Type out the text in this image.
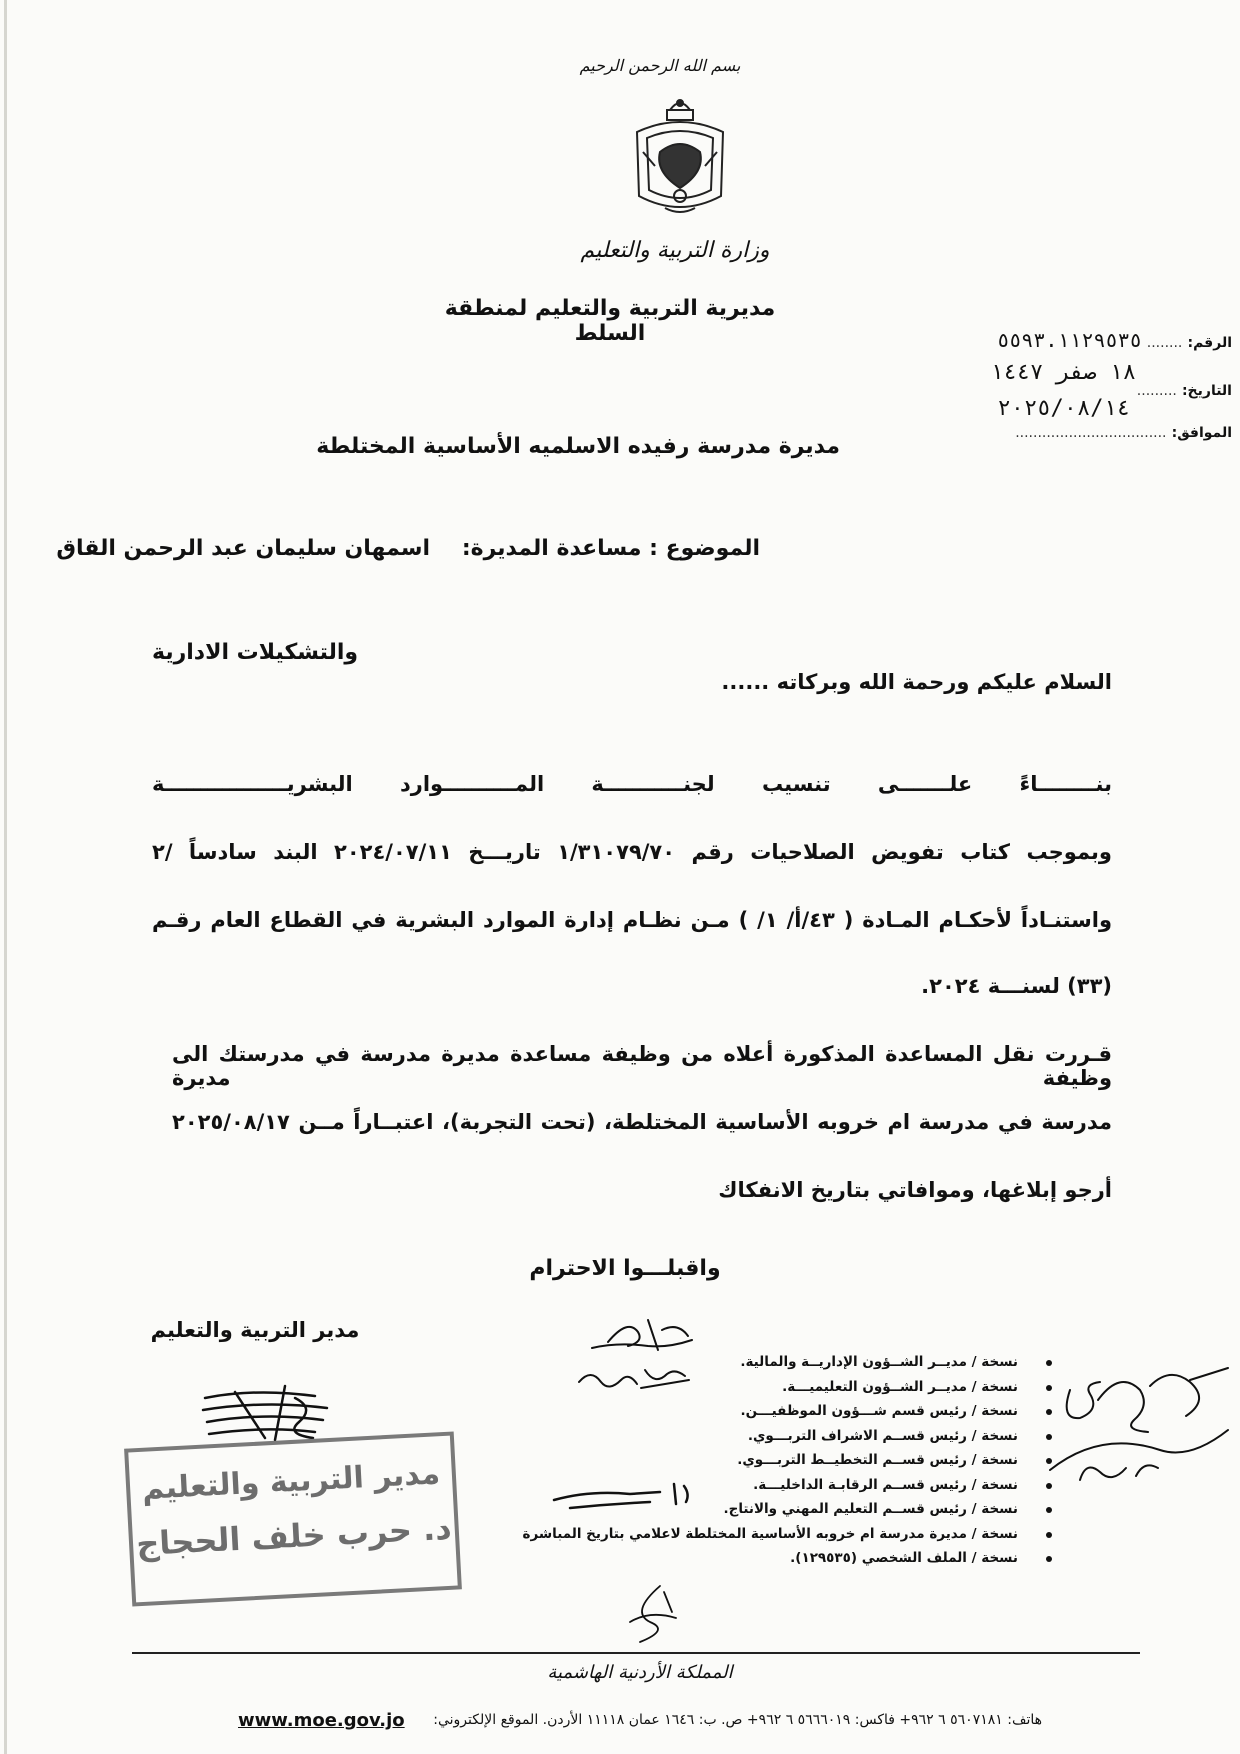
بسم الله الرحمن الرحيم
وزارة التربية والتعليم
مديرية التربية والتعليم لمنطقة السلط	الرقم: ........ ٥٥٩٣.١١٢٩٥٣٥
١٨ صفر ١٤٤٧
التاريخ: .........
٢٠٢٥/٠٨/١٤
الموافق: ..................................
مديرة مدرسة رفيده الاسلميه الأساسية المختلطة
الموضوع : مساعدة المديرة:
اسمهان سليمان عبد الرحمن القاق
والتشكيلات الادارية
السلام عليكم ورحمة الله وبركاته ......
بنــــــــاءً علـــــــى تنسيب لجنـــــــــــة المــــــــــوارد البشريـــــــــــــــــة
وبموجب كتاب تفويض الصلاحيات رقم ١/٣١٠٧٩/٧٠ تاريـــخ ٢٠٢٤/٠٧/١١ البند سادساً /٢
واستنـاداً لأحكـام المـادة ( ٤٣/أ/ ١/ ) مـن نظـام إدارة الموارد البشرية في القطاع العام رقـم
(٣٣) لسنـــة ٢٠٢٤.
قـررت نقل المساعدة المذكورة أعلاه من وظيفة مساعدة مديرة مدرسة في مدرستك الى وظيفة مديرة
مدرسة في مدرسة ام خروبه الأساسية المختلطة، (تحت التجربة)، اعتبــاراً مــن ٢٠٢٥/٠٨/١٧
أرجو إبلاغها، وموافاتي بتاريخ الانفكاك
واقبلـــوا الاحترام
مدير التربية والتعليم
مدير التربية والتعليم
د. حرب خلف الحجاج
نسخة / مديــر الشــؤون الإداريــة والمالية.
نسخة / مديــر الشــؤون التعليميـــة.
نسخة / رئيس قسم شـــؤون الموظفيـــن.
نسخة / رئيس قســم الاشراف التربـــوي.
نسخة / رئيس قســم التخطيــط التربـــوي.
نسخة / رئيس قســم الرقابـة الداخليـــة.
نسخة / رئيس قســم التعليم المهني والانتاج.
نسخة / مديرة مدرسة ام خروبه الأساسية المختلطة لاعلامي بتاريخ المباشرة
نسخة / الملف الشخصي (١٢٩٥٣٥).
المملكة الأردنية الهاشمية
هاتف: ٥٦٠٧١٨١ ٦ ٩٦٢+ فاكس: ٥٦٦٦٠١٩ ٦ ٩٦٢+ ص. ب: ١٦٤٦ عمان ١١١١٨ الأردن. الموقع الإلكتروني:
www.moe.gov.jo
